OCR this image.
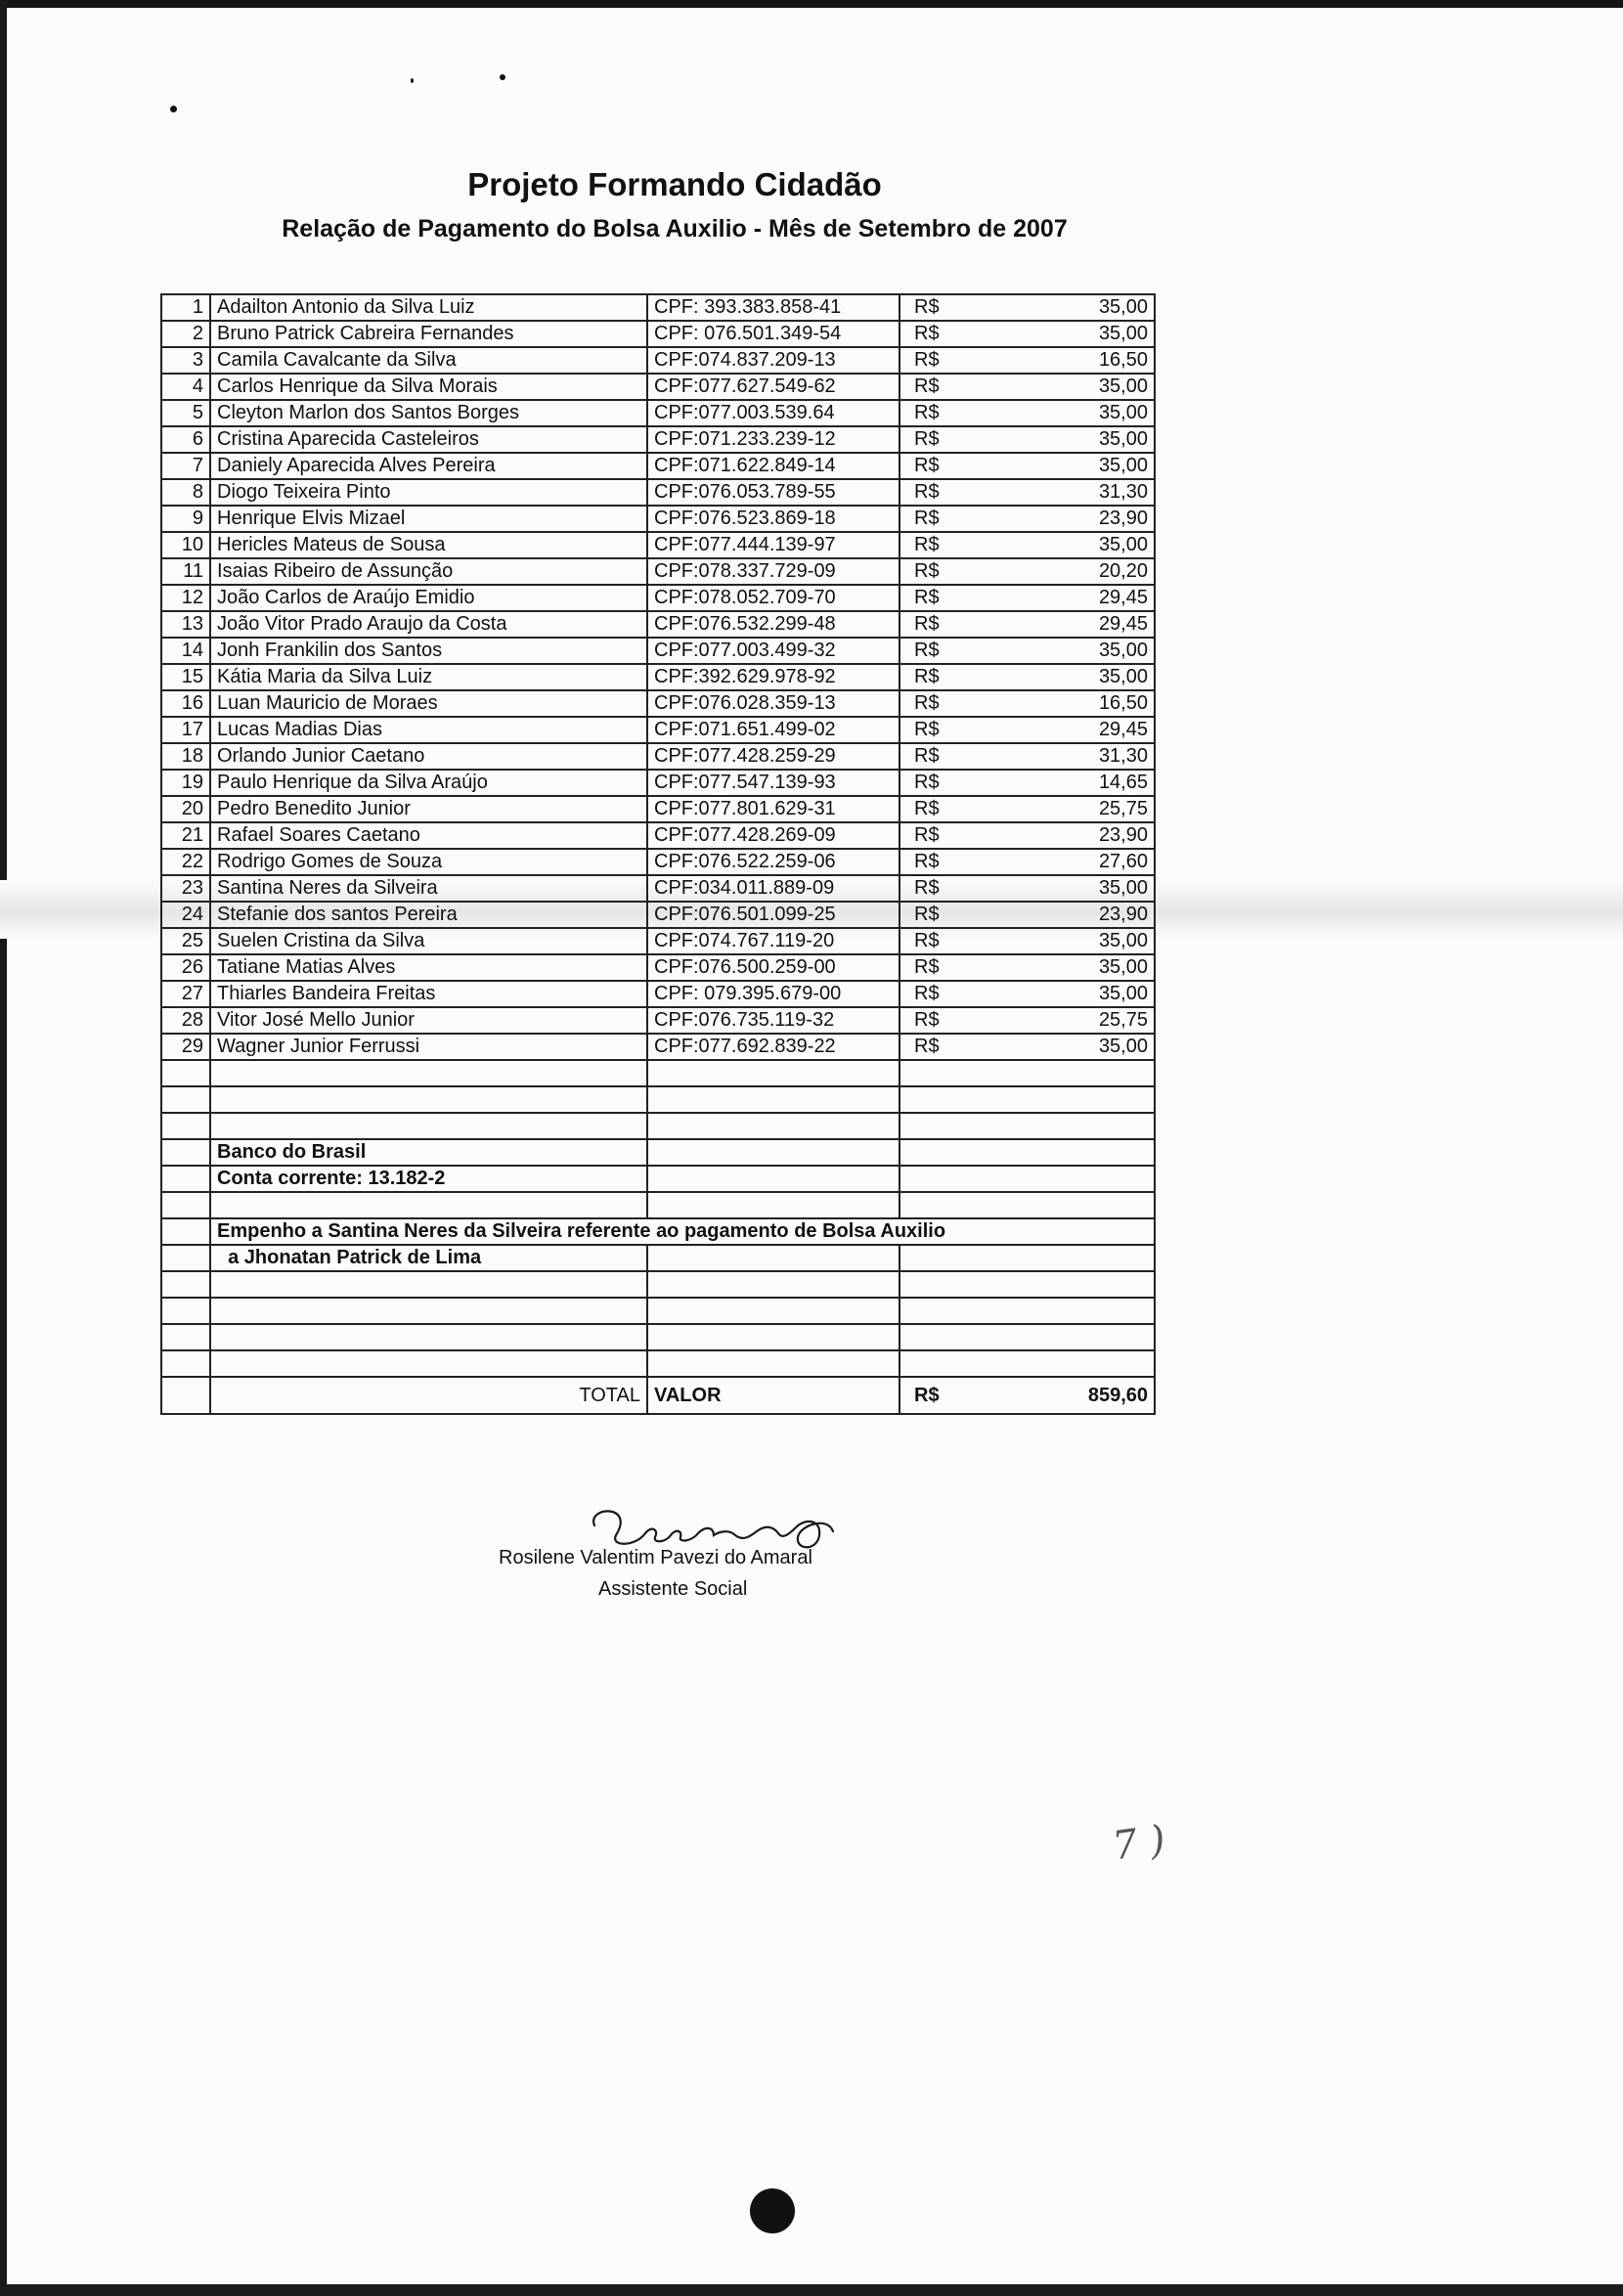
Projeto Formando Cidadão
Relação de Pagamento do Bolsa Auxilio - Mês de Setembro de 2007
1	Adailton Antonio da Silva Luiz	CPF: 393.383.858-41	R$ 35,00

2	Bruno Patrick Cabreira Fernandes	CPF: 076.501.349-54	R$ 35,00

3	Camila Cavalcante da Silva	CPF:074.837.209-13	R$ 16,50

4	Carlos Henrique da Silva Morais	CPF:077.627.549-62	R$ 35,00

5	Cleyton Marlon dos Santos Borges	CPF:077.003.539.64	R$ 35,00

6	Cristina Aparecida Casteleiros	CPF:071.233.239-12	R$ 35,00

7	Daniely Aparecida Alves Pereira	CPF:071.622.849-14	R$ 35,00

8	Diogo Teixeira Pinto	CPF:076.053.789-55	R$ 31,30

9	Henrique Elvis Mizael	CPF:076.523.869-18	R$ 23,90

10	Hericles Mateus de Sousa	CPF:077.444.139-97	R$ 35,00

11	Isaias Ribeiro de Assunção	CPF:078.337.729-09	R$ 20,20

12	João Carlos de Araújo Emidio	CPF:078.052.709-70	R$ 29,45

13	João Vitor Prado Araujo da Costa	CPF:076.532.299-48	R$ 29,45

14	Jonh Frankilin dos Santos	CPF:077.003.499-32	R$ 35,00

15	Kátia Maria da Silva Luiz	CPF:392.629.978-92	R$ 35,00

16	Luan Mauricio de Moraes	CPF:076.028.359-13	R$ 16,50

17	Lucas Madias Dias	CPF:071.651.499-02	R$ 29,45

18	Orlando Junior Caetano	CPF:077.428.259-29	R$ 31,30

19	Paulo Henrique da Silva Araújo	CPF:077.547.139-93	R$ 14,65

20	Pedro Benedito Junior	CPF:077.801.629-31	R$ 25,75

21	Rafael Soares Caetano	CPF:077.428.269-09	R$ 23,90

22	Rodrigo Gomes de Souza	CPF:076.522.259-06	R$ 27,60

23	Santina Neres da Silveira	CPF:034.011.889-09	R$ 35,00

24	Stefanie dos santos Pereira	CPF:076.501.099-25	R$ 23,90

25	Suelen Cristina da Silva	CPF:074.767.119-20	R$ 35,00

26	Tatiane Matias Alves	CPF:076.500.259-00	R$ 35,00

27	Thiarles Bandeira Freitas	CPF: 079.395.679-00	R$ 35,00

28	Vitor José Mello Junior	CPF:076.735.119-32	R$ 25,75

29	Wagner Junior Ferrussi	CPF:077.692.839-22	R$ 35,00

	Banco do Brasil		
	Conta corrente: 13.182-2		

	Empenho a Santina Neres da Silveira referente ao pagamento de Bolsa Auxilio		
	a Jhonatan Patrick de Lima		

	TOTAL	VALOR	R$ 859,60
Rosilene Valentim Pavezi do Amaral
Assistente Social
7 )
